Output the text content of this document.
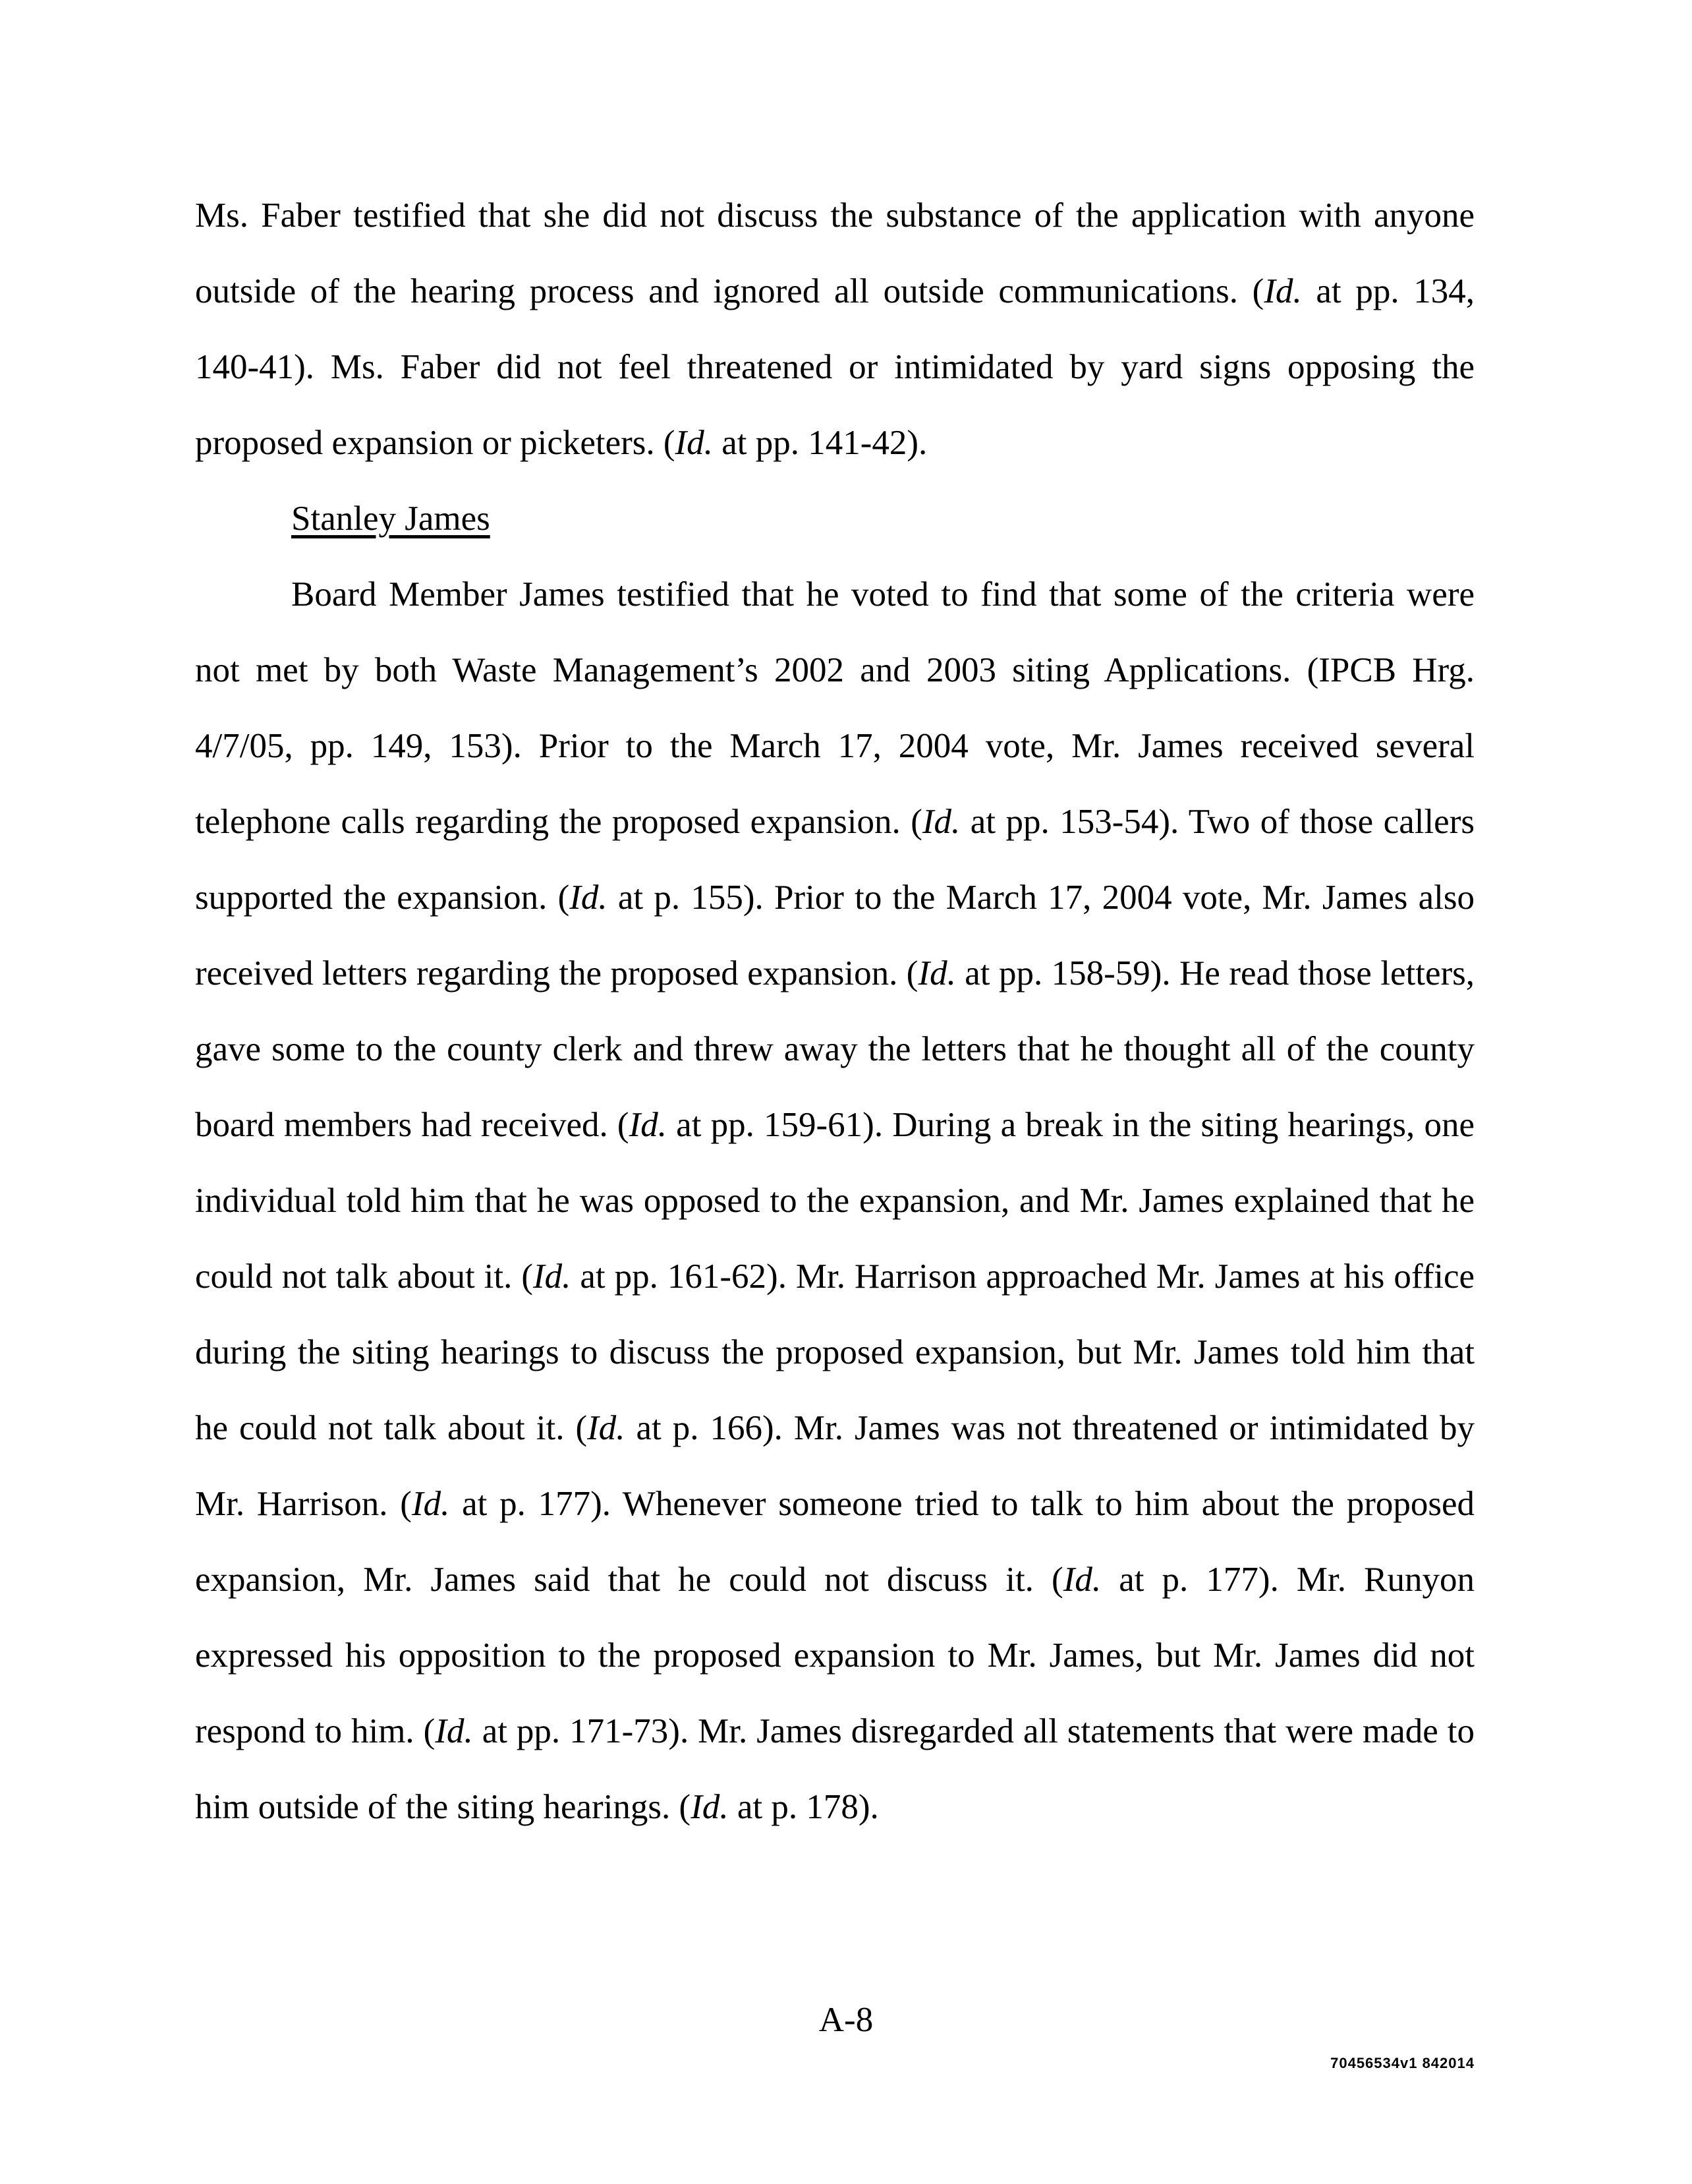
Ms. Faber testified that she did not discuss the substance of the application with anyone outside of the hearing process and ignored all outside communications. (Id. at pp. 134, 140-41). Ms. Faber did not feel threatened or intimidated by yard signs opposing the proposed expansion or picketers. (Id. at pp. 141-42).

Stanley James

Board Member James testified that he voted to find that some of the criteria were not met by both Waste Management’s 2002 and 2003 siting Applications. (IPCB Hrg. 4/7/05, pp. 149, 153). Prior to the March 17, 2004 vote, Mr. James received several telephone calls regarding the proposed expansion. (Id. at pp. 153-54). Two of those callers supported the expansion. (Id. at p. 155). Prior to the March 17, 2004 vote, Mr. James also received letters regarding the proposed expansion. (Id. at pp. 158-59). He read those letters, gave some to the county clerk and threw away the letters that he thought all of the county board members had received. (Id. at pp. 159-61). During a break in the siting hearings, one individual told him that he was opposed to the expansion, and Mr. James explained that he could not talk about it. (Id. at pp. 161-62). Mr. Harrison approached Mr. James at his office during the siting hearings to discuss the proposed expansion, but Mr. James told him that he could not talk about it. (Id. at p. 166). Mr. James was not threatened or intimidated by Mr. Harrison. (Id. at p. 177). Whenever someone tried to talk to him about the proposed expansion, Mr. James said that he could not discuss it. (Id. at p. 177). Mr. Runyon expressed his opposition to the proposed expansion to Mr. James, but Mr. James did not respond to him. (Id. at pp. 171-73). Mr. James disregarded all statements that were made to him outside of the siting hearings. (Id. at p. 178).

A-8
70456534v1 842014
